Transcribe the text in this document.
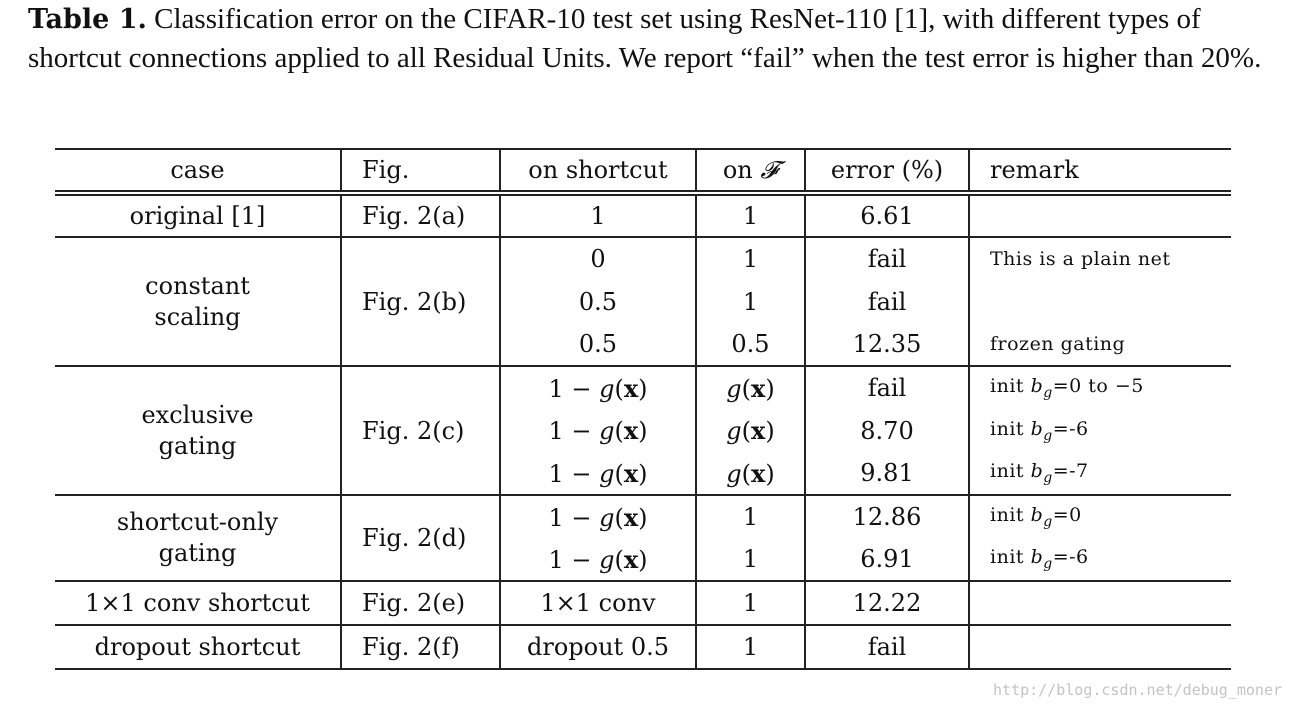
Table 1. Classification error on the CIFAR-10 test set using ResNet-110 [1], with different types of shortcut connections applied to all Residual Units. We report “fail” when the test error is higher than 20%.
case	Fig.	on shortcut	on 𝓕	error (%)	remark
original [1]	Fig. 2(a)	1	1	6.61	
constant
scaling	Fig. 2(b)	0	1	fail	This is a plain net
		0.5	1	fail	
		0.5	0.5	12.35	frozen gating
exclusive
gating	Fig. 2(c)	1 − g(x)	g(x)	fail	init $b_g=0$ to −5
		1 − g(x)	g(x)	8.70	init $b_g=-6$
		1 − g(x)	g(x)	9.81	init $b_g=-7$
shortcut-only
gating	Fig. 2(d)	1 − g(x)	1	12.86	init $b_g=0$
		1 − g(x)	1	6.91	init $b_g=-6$
1×1 conv shortcut	Fig. 2(e)	1×1 conv	1	12.22	
dropout shortcut	Fig. 2(f)	dropout 0.5	1	fail	
http://blog.csdn.net/debug_moner
